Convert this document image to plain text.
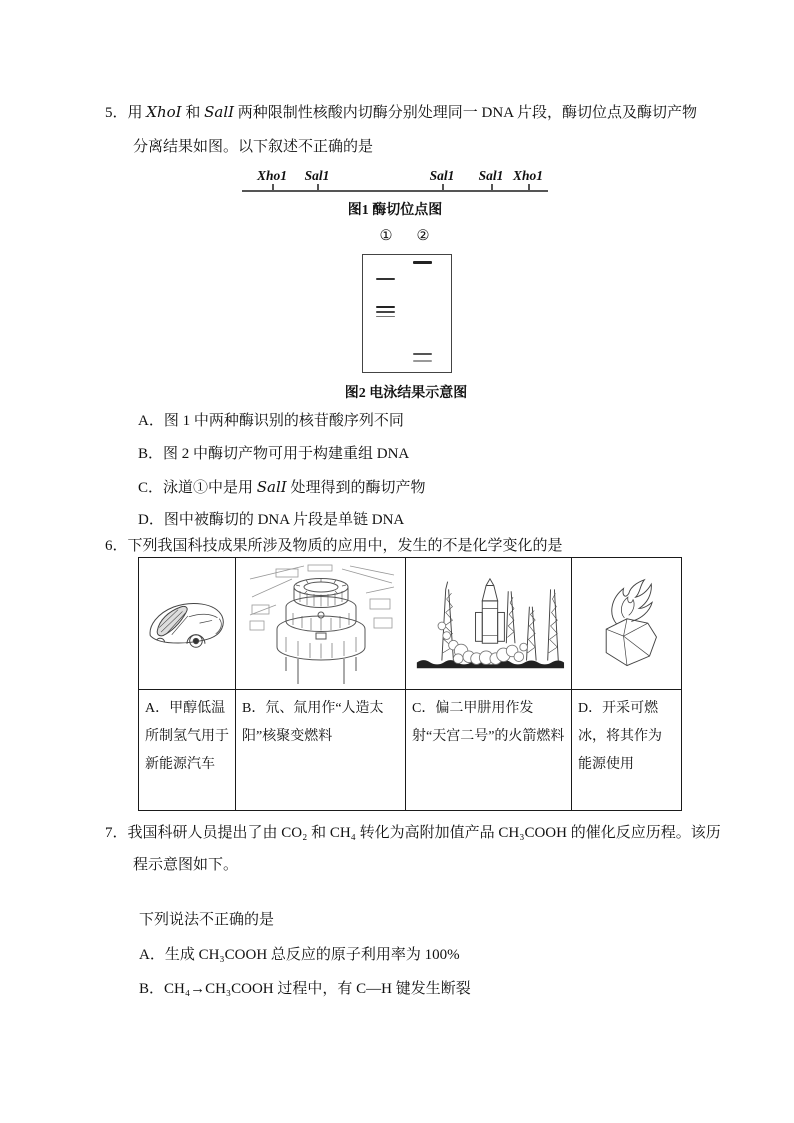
5．用 XhoI 和 SalI 两种限制性核酸内切酶分别处理同一 DNA 片段，酶切位点及酶切产物
分离结果如图。以下叙述不正确的是
Xho1 Sal1	Sal1 Sal1 Xho1
图1 酶切位点图
① ②
图2 电泳结果示意图
A．图 1 中两种酶识别的核苷酸序列不同
B．图 2 中酶切产物可用于构建重组 DNA
C．泳道①中是用 SalI 处理得到的酶切产物
D．图中被酶切的 DNA 片段是单链 DNA
6．下列我国科技成果所涉及物质的应用中，发生的不是化学变化的是

A．甲醇低温所制氢气用于新能源汽车	B．氘、氚用作“人造太阳”核聚变燃料	C．偏二甲肼用作发射“天宫二号”的火箭燃料	D．开采可燃冰，将其作为能源使用
7．我国科研人员提出了由 CO₂ 和 CH₄ 转化为高附加值产品 CH₃COOH 的催化反应历程。该历
程示意图如下。
下列说法不正确的是
A．生成 CH₃COOH 总反应的原子利用率为 100%
B．CH₄→CH₃COOH 过程中，有 C—H 键发生断裂
